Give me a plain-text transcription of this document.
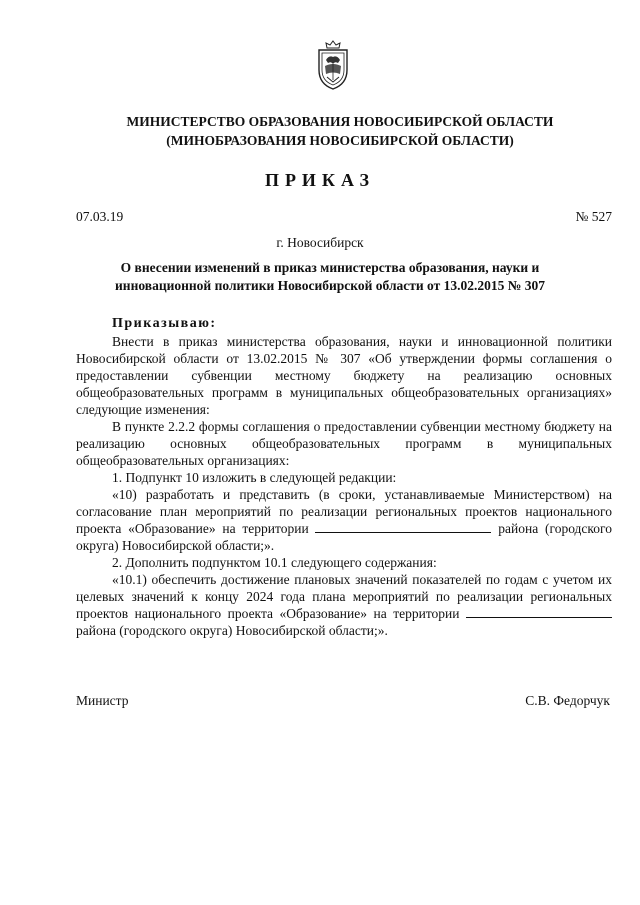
МИНИСТЕРСТВО ОБРАЗОВАНИЯ НОВОСИБИРСКОЙ ОБЛАСТИ
(МИНОБРАЗОВАНИЯ НОВОСИБИРСКОЙ ОБЛАСТИ)
ПРИКАЗ
07.03.19	№ 527
г. Новосибирск
О внесении изменений в приказ министерства образования, науки и
инновационной политики Новосибирской области от 13.02.2015 № 307

Приказываю:

Внести в приказ министерства образования, науки и инновационной политики Новосибирской области от 13.02.2015 № 307 «Об утверждении формы соглашения о предоставлении субвенции местному бюджету на реализацию основных общеобразовательных программ в муниципальных общеобразовательных организациях» следующие изменения:

В пункте 2.2.2 формы соглашения о предоставлении субвенции местному бюджету на реализацию основных общеобразовательных программ в муниципальных общеобразовательных организациях:

1. Подпункт 10 изложить в следующей редакции:

«10) разработать и представить (в сроки, устанавливаемые Министерством) на согласование план мероприятий по реализации региональных проектов национального проекта «Образование» на территории	района (городского округа) Новосибирской области;».

2. Дополнить подпунктом 10.1 следующего содержания:

«10.1) обеспечить достижение плановых значений показателей по годам с учетом их целевых значений к концу 2024 года плана мероприятий по реализации региональных проектов национального проекта «Образование» на территории  района (городского округа) Новосибирской области;».

Министр	С.В. Федорчук
